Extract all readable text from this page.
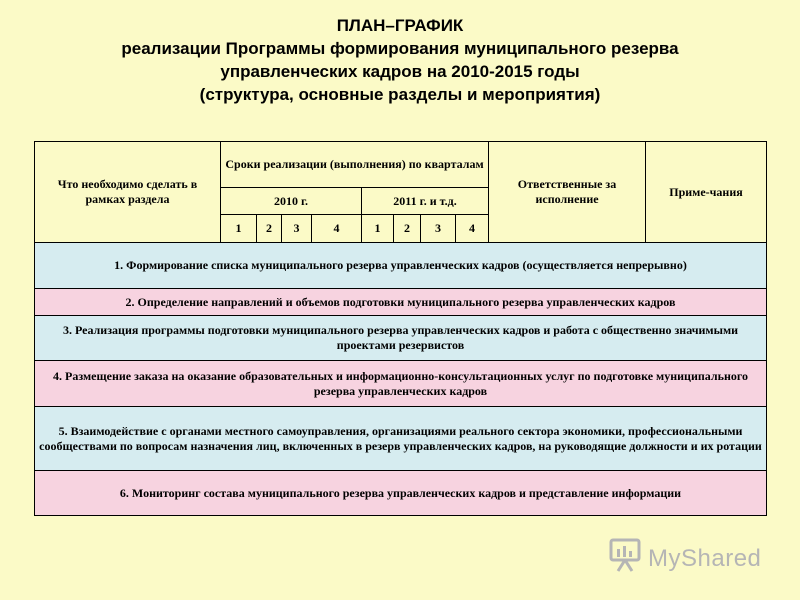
ПЛАН–ГРАФИК
реализации Программы формирования муниципального резерва
управленческих кадров на 2010-2015 годы
(структура, основные разделы и мероприятия)
Что необходимо сделать в рамках раздела	Сроки реализации (выполнения) по кварталам								Ответственные за исполнение	Приме-чания
	2010 г.				2011 г. и т.д.					
	1	2	3	4	1	2	3	4		
1. Формирование списка муниципального резерва управленческих кадров (осуществляется непрерывно)										
2. Определение направлений и объемов подготовки муниципального резерва управленческих кадров										
3. Реализация программы подготовки муниципального резерва управленческих кадров и работа с общественно значимыми проектами резервистов										
4. Размещение заказа на оказание образовательных и информационно-консультационных услуг по подготовке муниципального резерва управленческих кадров										
5. Взаимодействие с органами местного самоуправления, организациями реального сектора экономики, профессиональными сообществами по вопросам назначения лиц, включенных в резерв управленческих кадров, на руководящие должности и их ротации										
6. Мониторинг состава муниципального резерва управленческих кадров и представление информации										
MyShared
